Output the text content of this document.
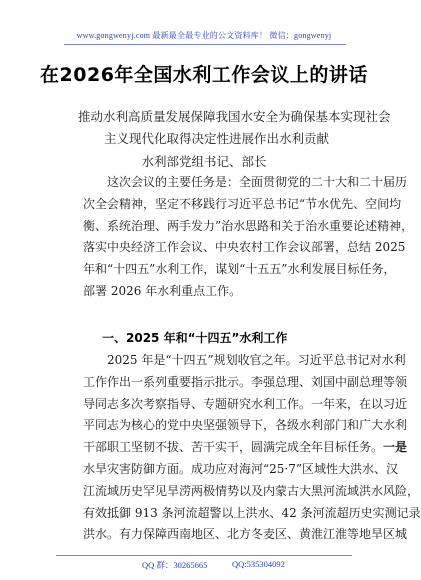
www.gongwenyj.com 最新最全最专业的公文资料库！ 微信：gongwenyj
在2026年全国水利工作会议上的讲话
推动水利高质量发展保障我国水安全为确保基本实现社会
主义现代化取得决定性进展作出水利贡献
水利部党组书记、部长
这次会议的主要任务是：全面贯彻党的二十大和二十届历
次全会精神，坚定不移践行习近平总书记“节水优先、空间均
衡、系统治理、两手发力”治水思路和关于治水重要论述精神，
落实中央经济工作会议、中央农村工作会议部署，总结 2025
年和“十四五”水利工作，谋划“十五五”水利发展目标任务，
部署 2026 年水利重点工作。
一、2025 年和“十四五”水利工作
2025 年是“十四五”规划收官之年。习近平总书记对水利
工作作出一系列重要指示批示。李强总理、刘国中副总理等领
导同志多次考察指导、专题研究水利工作。一年来，在以习近
平同志为核心的党中央坚强领导下，各级水利部门和广大水利
干部职工坚韧不拔、苦干实干，圆满完成全年目标任务。一是
水旱灾害防御方面。成功应对海河“25·7”区域性大洪水、汉
江流域历史罕见旱涝两极情势以及内蒙古大黑河流域洪水风险，
有效抵御 913 条河流超警以上洪水、42 条河流超历史实测记录
洪水。有力保障西南地区、北方冬麦区、黄淮江淮等地旱区城
QQ 群：30265665	QQ:535304092
